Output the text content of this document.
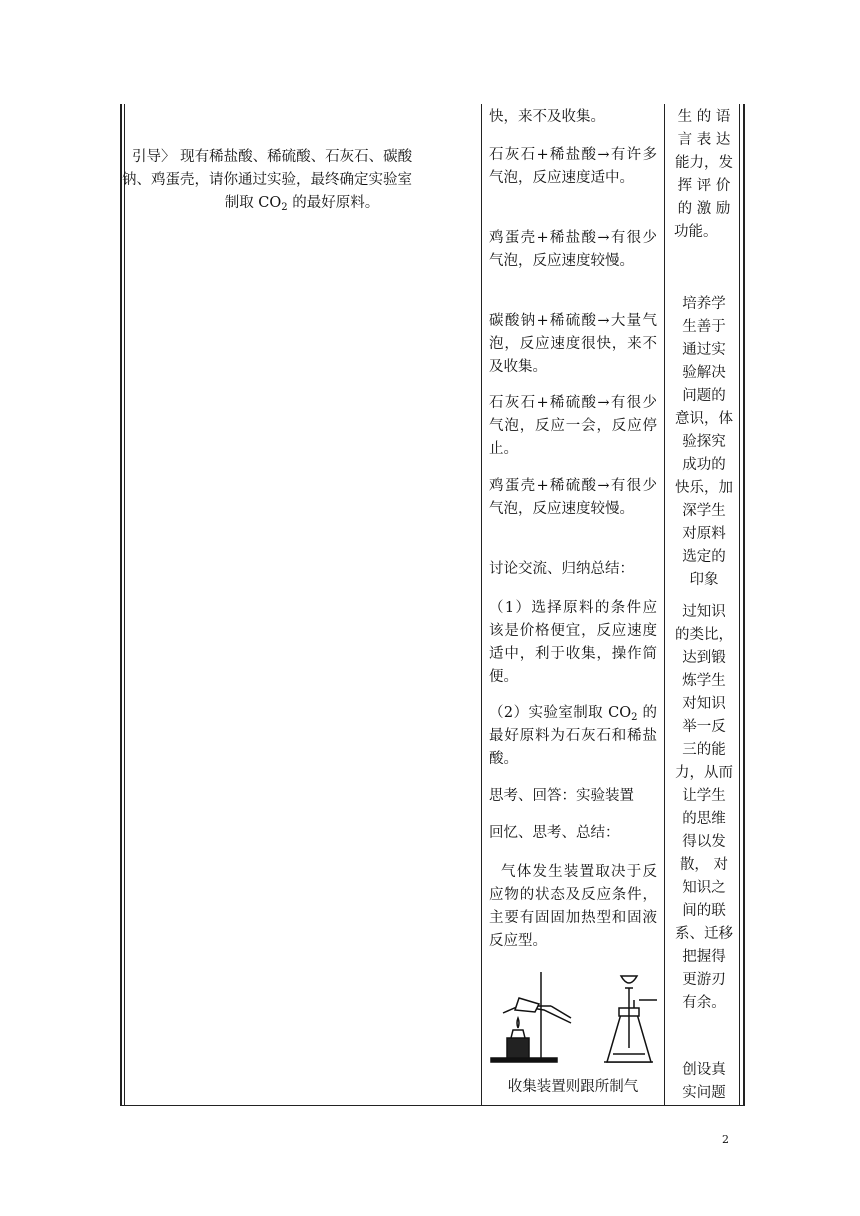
引导〉 现有稀盐酸、稀硫酸、石灰石、碳酸
钠、鸡蛋壳，请你通过实验，最终确定实验室

制取 $CO_2$ 的最好原料。

快，来不及收集。

石灰石+稀盐酸→有许多气泡，反应速度适中。

鸡蛋壳+稀盐酸→有很少气泡，反应速度较慢。

碳酸钠+稀硫酸→大量气泡，反应速度很快，来不及收集。

石灰石+稀硫酸→有很少气泡，反应一会，反应停止。

鸡蛋壳+稀硫酸→有很少气泡，反应速度较慢。

讨论交流、归纳总结：

（1）选择原料的条件应该是价格便宜，反应速度适中，利于收集，操作简便。

（2）实验室制取 $CO_2$ 的最好原料为石灰石和稀盐酸。

思考、回答：实验装置

回忆、思考、总结：

气体发生装置取决于反应物的状态及反应条件，主要有固固加热型和固液反应型。

收集装置则跟所制气

生 的 语
言 表 达
能力，发
挥 评 价
的 激 励
功能。
培养学
生善于
通过实
验解决
问题的
意识，体
验探究
成功的
快乐，加
深学生
对原料
选定的
印象
过知识
的类比，
达到锻
炼学生
对知识
举一反
三的能
力，从而
让学生
的思维
得以发
散， 对
知识之
间的联
系、迁移
把握得
更游刃
有余。
创设真
实问题
2
